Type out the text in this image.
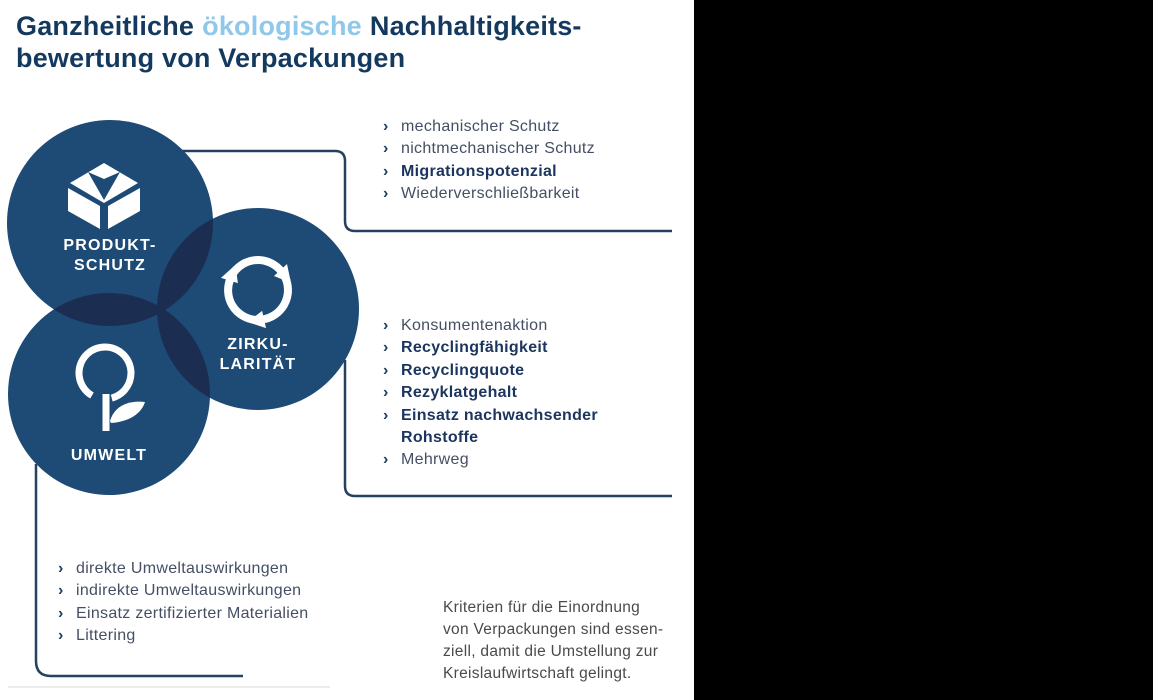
Ganzheitliche ökologische Nachhaltigkeits-
bewertung von Verpackungen
PRODUKT-
SCHUTZ
ZIRKU-
LARITÄT
UMWELT
› mechanischer Schutz
› nichtmechanischer Schutz
› Migrationspotenzial
› Wiederverschließbarkeit
› Konsumentenaktion
› Recyclingfähigkeit
› Recyclingquote
› Rezyklatgehalt
› Einsatz nachwachsender Rohstoffe
› Mehrweg
› direkte Umweltauswirkungen
› indirekte Umweltauswirkungen
› Einsatz zertifizierter Materialien
› Littering
Kriterien für die Einordnung
von Verpackungen sind essen-
ziell, damit die Umstellung zur
Kreislaufwirtschaft gelingt.
